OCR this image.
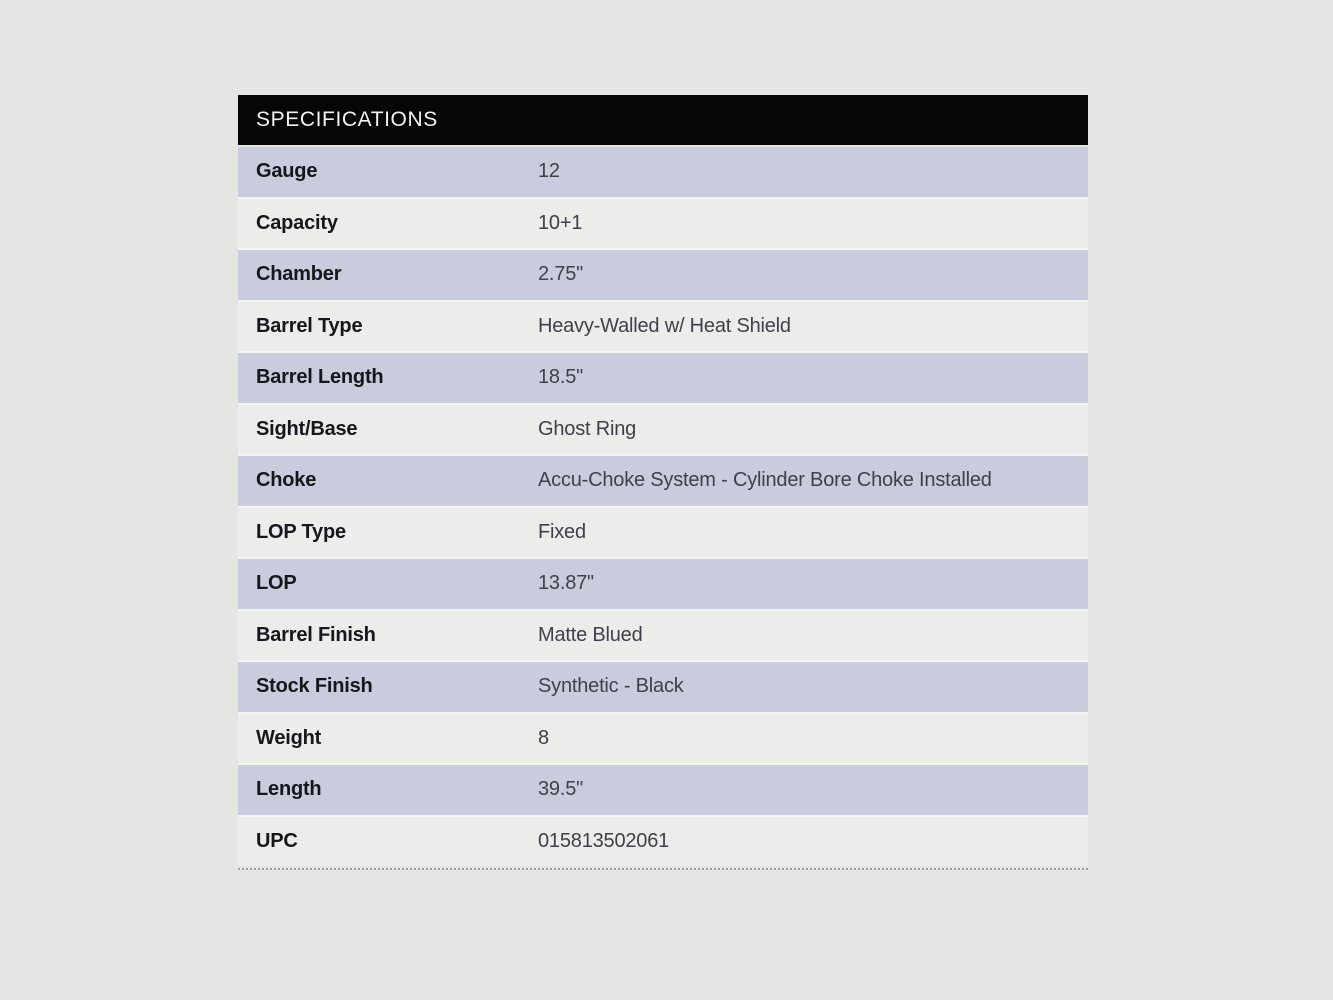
SPECIFICATIONS
Gauge	12
Capacity	10+1
Chamber	2.75"
Barrel Type	Heavy-Walled w/ Heat Shield
Barrel Length	18.5"
Sight/Base	Ghost Ring
Choke	Accu-Choke System - Cylinder Bore Choke Installed
LOP Type	Fixed
LOP	13.87"
Barrel Finish	Matte Blued
Stock Finish	Synthetic - Black
Weight	8
Length	39.5"
UPC	015813502061
